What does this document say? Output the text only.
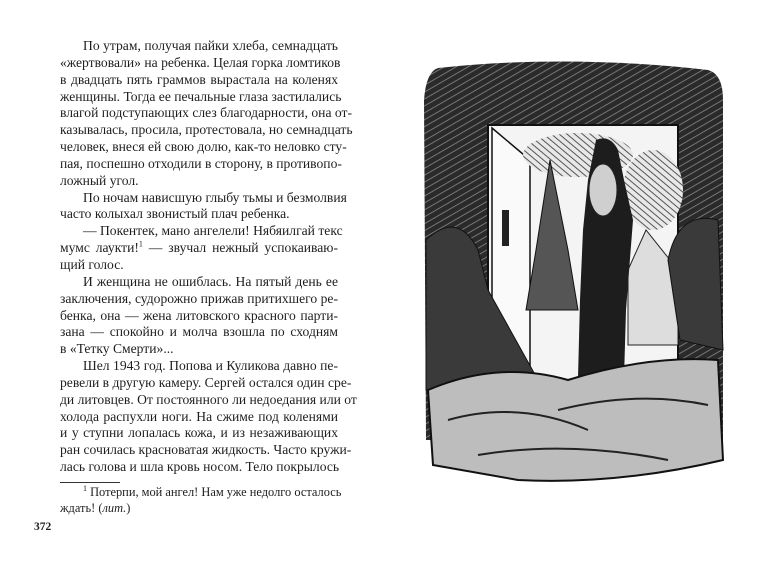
По утрам, получая пайки хлеба, семнадцать
«жертвовали» на ребенка. Целая горка ломтиков
в двадцать пять граммов вырастала на коленях
женщины. Тогда ее печальные глаза застилались
влагой подступающих слез благодарности, она от-
казывалась, просила, протестовала, но семнадцать
человек, внеся ей свою долю, как-то неловко сту-
пая, поспешно отходили в сторону, в противопо-
ложный угол.
По ночам нависшую глыбу тьмы и безмолвия
часто колыхал звонистый плач ребенка.
— Покентек, мано ангелели! Нябяилгай текс
мумс лаукти!$^1$ — звучал нежный успокаиваю-
щий голос.
И женщина не ошиблась. На пятый день ее
заключения, судорожно прижав притихшего ре-
бенка, она — жена литовского красного парти-
зана — спокойно и молча взошла по сходням
в «Тетку Смерти»...
Шел 1943 год. Попова и Куликова давно пе-
ревели в другую камеру. Сергей остался один сре-
ди литовцев. От постоянного ли недоедания или от
холода распухли ноги. На сжиме под коленями
и у ступни лопалась кожа, и из незаживающих
ран сочилась красноватая жидкость. Часто кружи-
лась голова и шла кровь носом. Тело покрылось
$^1$ Потерпи, мой ангел! Нам уже недолго осталось
ждать! (лит.)
372
